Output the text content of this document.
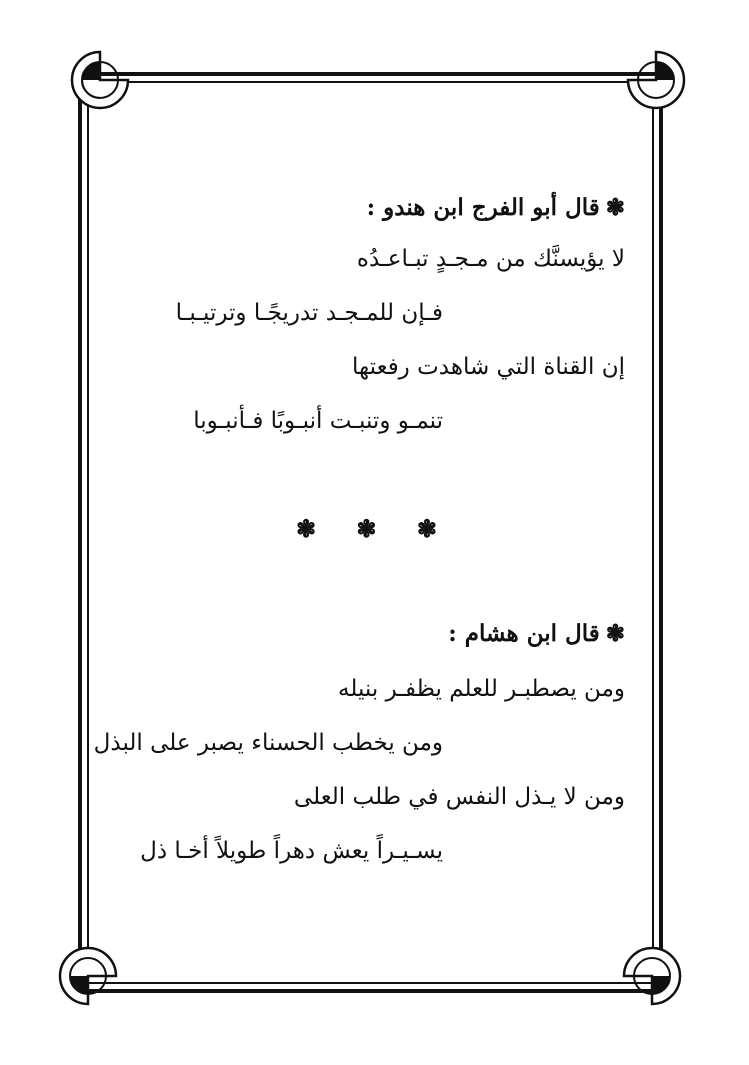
❃قال أبو الفرج ابن هندو :
لا يؤيسنَّك من مـجـدٍ تبـاعـدُه
فـإن للمـجـد تدريجًـا وترتيـبـا
إن القناة التي شاهدت رفعتها
تنمـو وتنبـت أنبـوبًا فـأنبـوبا
❃ ❃ ❃
❃قال ابن هشام :
ومن يصطبـر للعلم يظفـر بنيله
ومن يخطب الحسناء يصبر على البذل
ومن لا يـذل النفس في طلب العلى
يسـيـراً يعش دهراً طويلاً أخـا ذل
